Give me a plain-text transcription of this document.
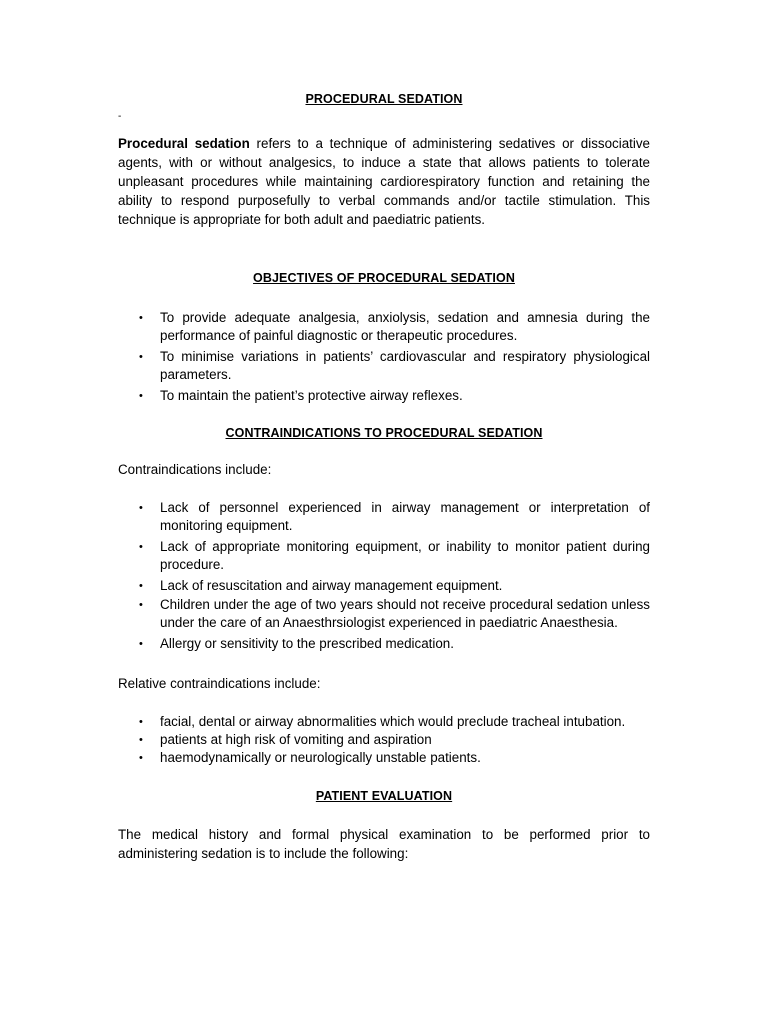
-

PROCEDURAL SEDATION

Procedural sedation refers to a technique of administering sedatives or dissociative agents, with or without analgesics, to induce a state that allows patients to tolerate unpleasant procedures while maintaining cardiorespiratory function and retaining the ability to respond purposefully to verbal commands and/or tactile stimulation. This technique is appropriate for both adult and paediatric patients.

OBJECTIVES OF PROCEDURAL SEDATION

• To provide adequate analgesia, anxiolysis, sedation and amnesia during the performance of painful diagnostic or therapeutic procedures.
• To minimise variations in patients’ cardiovascular and respiratory physiological parameters.
• To maintain the patient’s protective airway reflexes.

CONTRAINDICATIONS TO PROCEDURAL SEDATION

Contraindications include:

• Lack of personnel experienced in airway management or interpretation of monitoring equipment.
• Lack of appropriate monitoring equipment, or inability to monitor patient during procedure.
• Lack of resuscitation and airway management equipment.
• Children under the age of two years should not receive procedural sedation unless under the care of an Anaesthrsiologist experienced in paediatric Anaesthesia.
• Allergy or sensitivity to the prescribed medication.

Relative contraindications include:

• facial, dental or airway abnormalities which would preclude tracheal intubation.
• patients at high risk of vomiting and aspiration
• haemodynamically or neurologically unstable patients.

PATIENT EVALUATION

The medical history and formal physical examination to be performed prior to administering sedation is to include the following:
